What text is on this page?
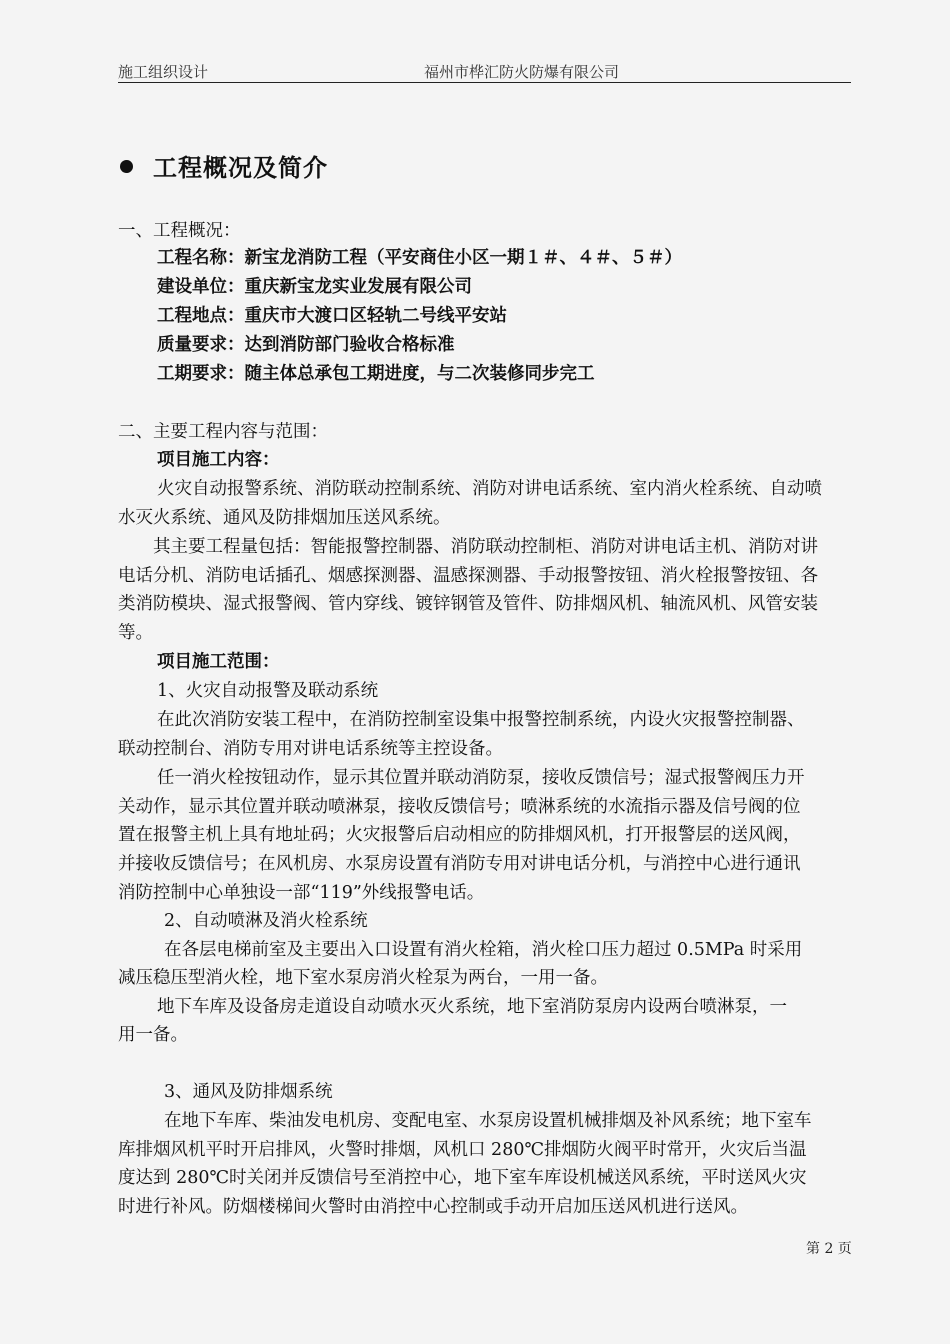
施工组织设计	福州市桦汇防火防爆有限公司
工程概况及简介
一、工程概况：
工程名称：新宝龙消防工程（平安商住小区一期１＃、４＃、５＃）
建设单位：重庆新宝龙实业发展有限公司
工程地点：重庆市大渡口区轻轨二号线平安站
质量要求：达到消防部门验收合格标准
工期要求：随主体总承包工期进度，与二次装修同步完工
二、主要工程内容与范围：
项目施工内容：
火灾自动报警系统、消防联动控制系统、消防对讲电话系统、室内消火栓系统、自动喷
水灭火系统、通风及防排烟加压送风系统。
其主要工程量包括：智能报警控制器、消防联动控制柜、消防对讲电话主机、消防对讲
电话分机、消防电话插孔、烟感探测器、温感探测器、手动报警按钮、消火栓报警按钮、各
类消防模块、湿式报警阀、管内穿线、镀锌钢管及管件、防排烟风机、轴流风机、风管安装
等。
项目施工范围：
1、火灾自动报警及联动系统
在此次消防安装工程中，在消防控制室设集中报警控制系统，内设火灾报警控制器、
联动控制台、消防专用对讲电话系统等主控设备。
任一消火栓按钮动作，显示其位置并联动消防泵，接收反馈信号；湿式报警阀压力开
关动作，显示其位置并联动喷淋泵，接收反馈信号；喷淋系统的水流指示器及信号阀的位
置在报警主机上具有地址码；火灾报警后启动相应的防排烟风机，打开报警层的送风阀，
并接收反馈信号；在风机房、水泵房设置有消防专用对讲电话分机，与消控中心进行通讯
消防控制中心单独设一部“119”外线报警电话。
2、自动喷淋及消火栓系统
在各层电梯前室及主要出入口设置有消火栓箱，消火栓口压力超过 0.5MPa 时采用
减压稳压型消火栓，地下室水泵房消火栓泵为两台，一用一备。
地下车库及设备房走道设自动喷水灭火系统，地下室消防泵房内设两台喷淋泵，一
用一备。
3、通风及防排烟系统
在地下车库、柴油发电机房、变配电室、水泵房设置机械排烟及补风系统；地下室车
库排烟风机平时开启排风，火警时排烟，风机口 280℃排烟防火阀平时常开，火灾后当温
度达到 280℃时关闭并反馈信号至消控中心，地下室车库设机械送风系统，平时送风火灾
时进行补风。防烟楼梯间火警时由消控中心控制或手动开启加压送风机进行送风。
第 2 页
